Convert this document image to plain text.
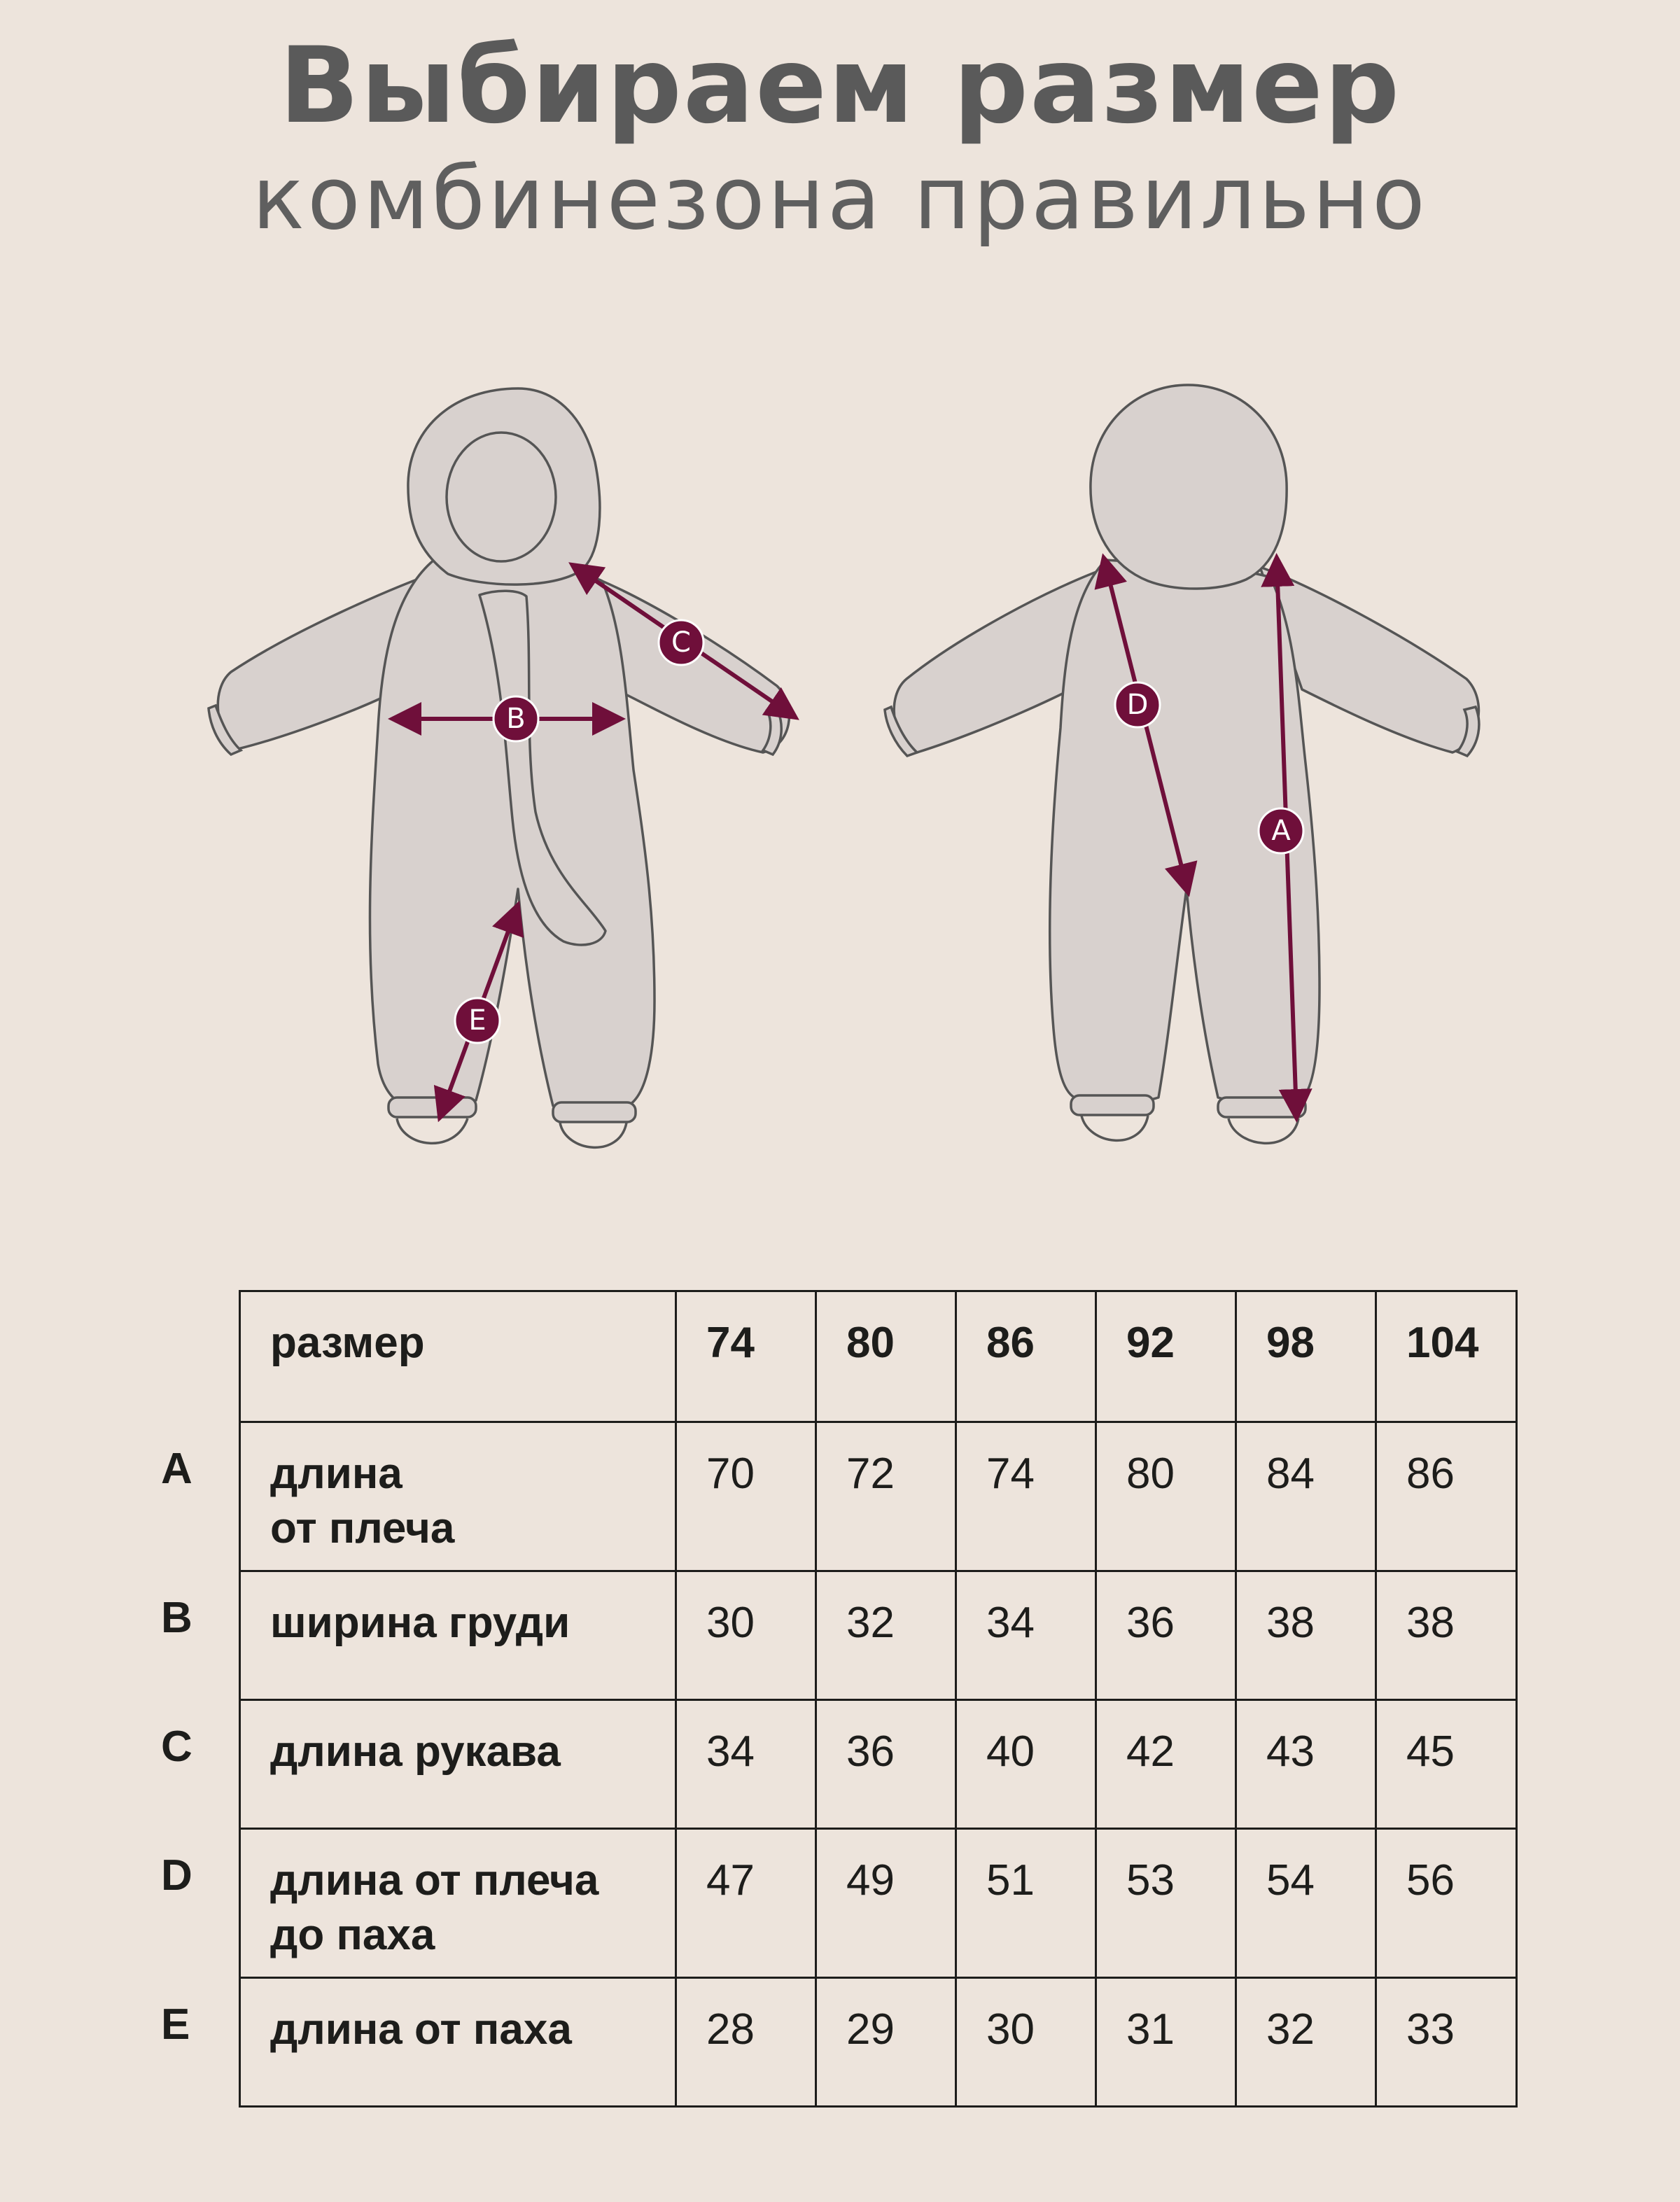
Выбираем размер
комбинезона правильно
C
B
E
D
A
A
B
C
D
E
размер	74	80	86	92	98	104
длина
от плеча	70	72	74	80	84	86
ширина груди	30	32	34	36	38	38
длина рукава	34	36	40	42	43	45
длина от плеча
до паха	47	49	51	53	54	56
длина от паха	28	29	30	31	32	33
